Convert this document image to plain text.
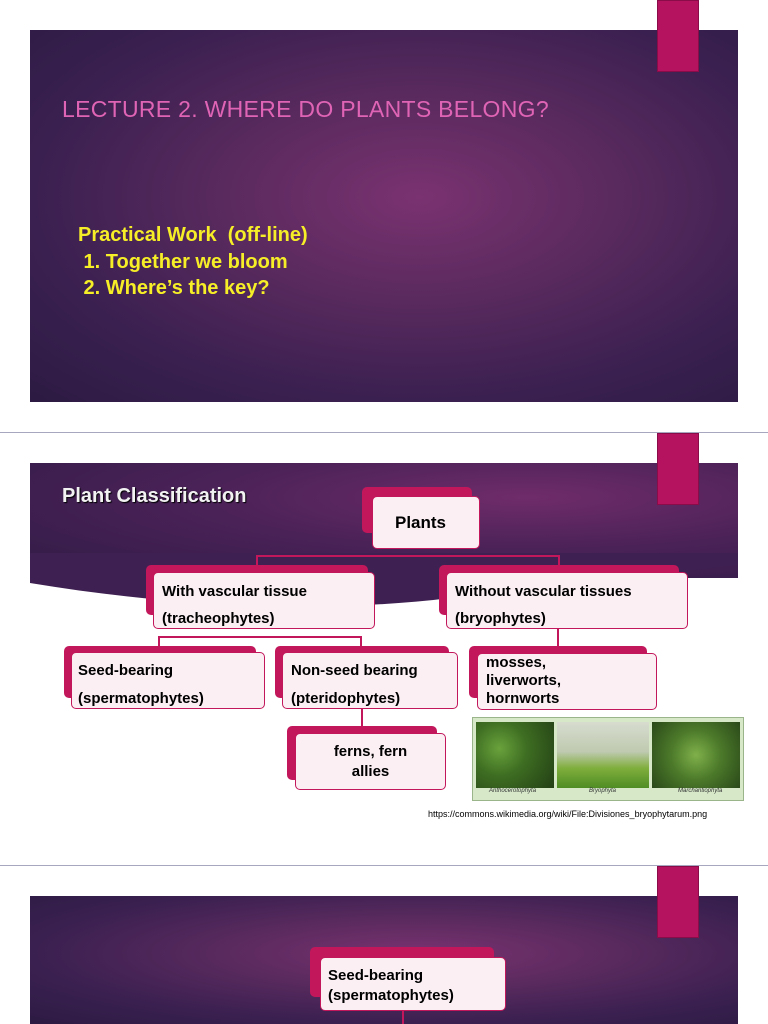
LECTURE 2. WHERE DO PLANTS BELONG?
Practical Work  (off-line)
1. Together we bloom
2. Where’s the key?
Plant Classification
Plants
With vascular tissue
(tracheophytes)
Without vascular tissues
(bryophytes)
Seed-bearing
(spermatophytes)
Non-seed bearing
(pteridophytes)
mosses,
liverworts,
hornworts
ferns, fern
allies
Anthocerotophyta	Bryophyta	Marchantiophyta
https://commons.wikimedia.org/wiki/File:Divisiones_bryophytarum.png
Seed-bearing
(spermatophytes)
